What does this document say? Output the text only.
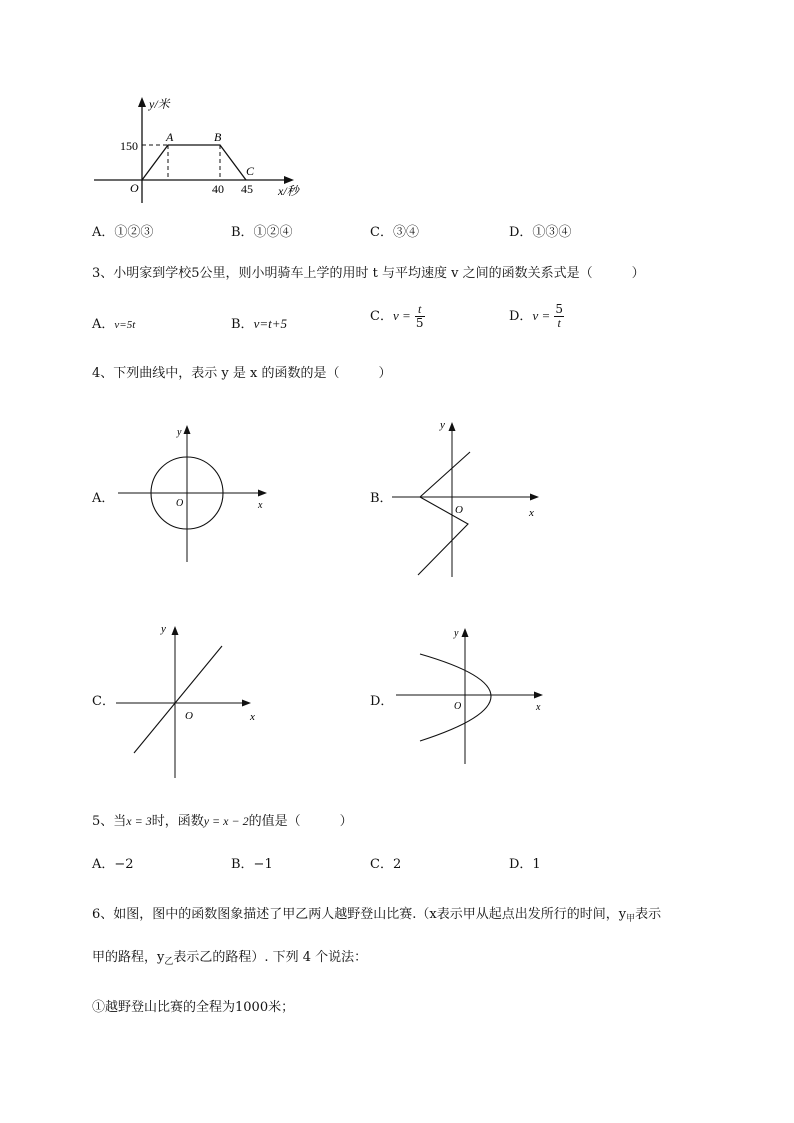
y/米
x/秒
O
150
40 45
A	B
C
A．①②③	B．①②④	C．③④	D．①③④
3、小明家到学校5公里，则小明骑车上学的用时 t 与平均速度 v 之间的函数关系式是（　　　）
A．v=5t	B．v=t+5	C．$v = \frac{t}{5}$	D．$v = \frac{5}{t}$
4、下列曲线中，表示 y 是 x 的函数的是（　　　）
A．	O	x
y
B．
O	x
y
C．
O	x
y
D．	O	x
y
5、当x = 3时，函数y = x − 2的值是（　　　）
A．−2	B．−1	C．2	D．1
6、如图，图中的函数图象描述了甲乙两人越野登山比赛.（x表示甲从起点出发所行的时间，$y_甲$表示
甲的路程，$y_乙$表示乙的路程）. 下列 4 个说法：
①越野登山比赛的全程为1000米；
